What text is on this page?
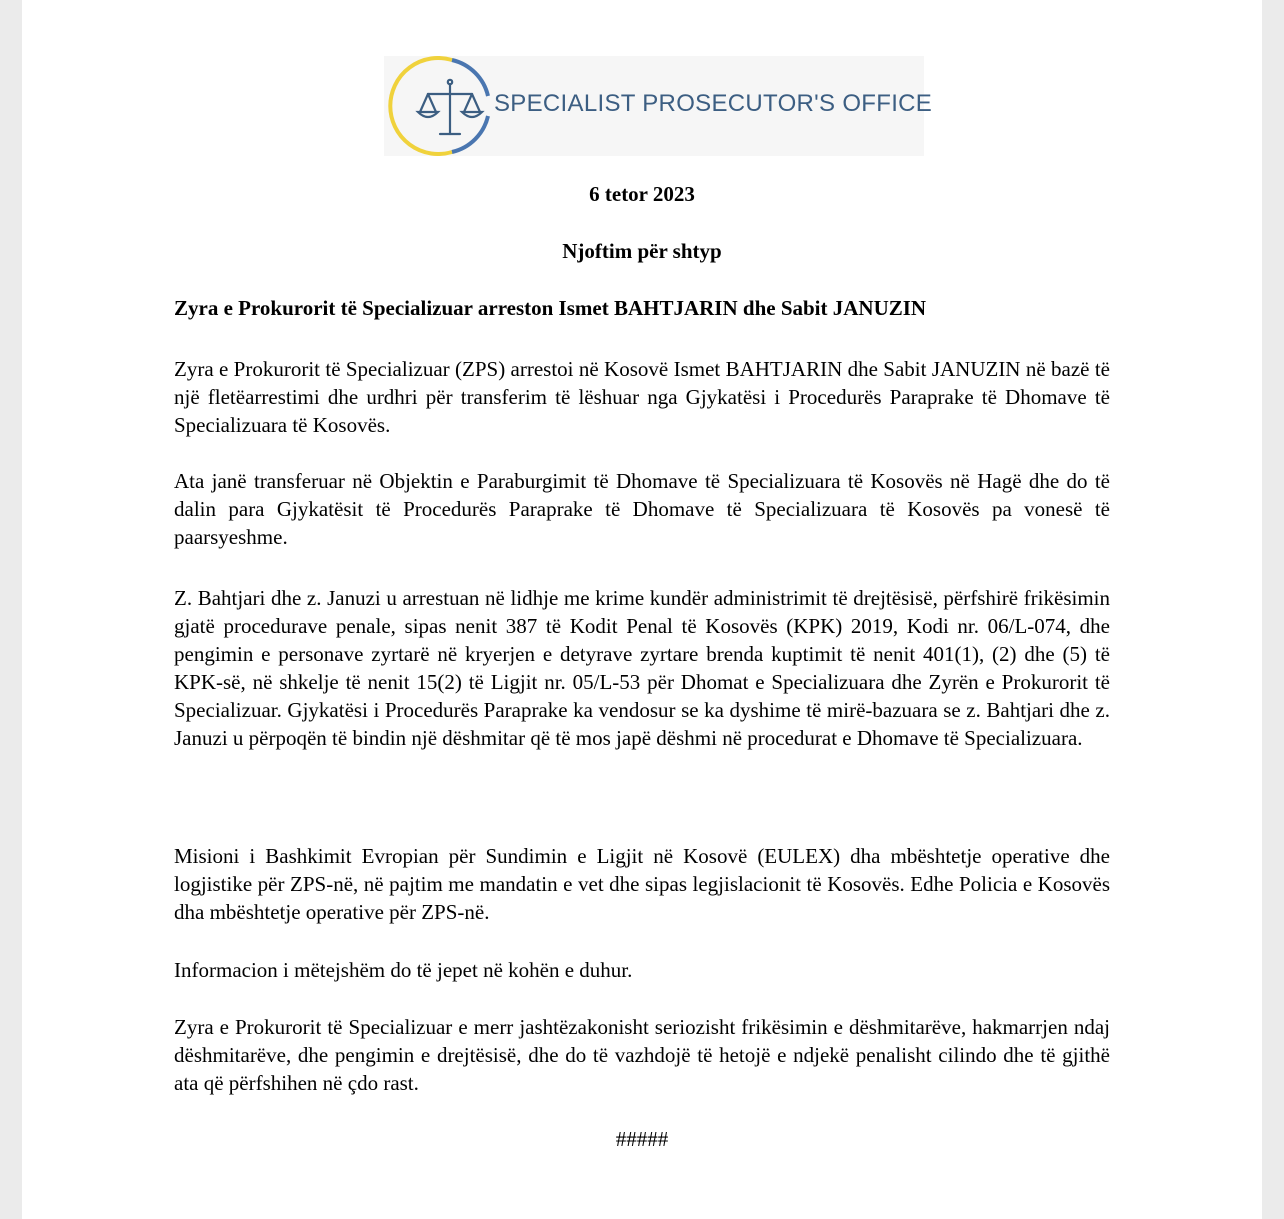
SPECIALIST PROSECUTOR'S OFFICE
6 tetor 2023
Njoftim për shtyp
Zyra e Prokurorit të Specializuar arreston Ismet BAHTJARIN dhe Sabit JANUZIN

Zyra e Prokurorit të Specializuar (ZPS) arrestoi në Kosovë Ismet BAHTJARIN dhe Sabit JANUZIN në bazë të një fletëarrestimi dhe urdhri për transferim të lëshuar nga Gjykatësi i Procedurës Paraprake të Dhomave të Specializuara të Kosovës.

Ata janë transferuar në Objektin e Paraburgimit të Dhomave të Specializuara të Kosovës në Hagë dhe do të dalin para Gjykatësit të Procedurës Paraprake të Dhomave të Specializuara të Kosovës pa vonesë të paarsyeshme.

Z. Bahtjari dhe z. Januzi u arrestuan në lidhje me krime kundër administrimit të drejtësisë, përfshirë frikësimin gjatë procedurave penale, sipas nenit 387 të Kodit Penal të Kosovës (KPK) 2019, Kodi nr. 06/L-074, dhe pengimin e personave zyrtarë në kryerjen e detyrave zyrtare brenda kuptimit të nenit 401(1), (2) dhe (5) të KPK-së, në shkelje të nenit 15(2) të Ligjit nr. 05/L-53 për Dhomat e Specializuara dhe Zyrën e Prokurorit të Specializuar. Gjykatësi i Procedurës Paraprake ka vendosur se ka dyshime të mirë-bazuara se z. Bahtjari dhe z. Januzi u përpoqën të bindin një dëshmitar që të mos japë dëshmi në procedurat e Dhomave të Specializuara.

Misioni i Bashkimit Evropian për Sundimin e Ligjit në Kosovë (EULEX) dha mbështetje operative dhe logjistike për ZPS-në, në pajtim me mandatin e vet dhe sipas legjislacionit të Kosovës. Edhe Policia e Kosovës dha mbështetje operative për ZPS-në.

Informacion i mëtejshëm do të jepet në kohën e duhur.

Zyra e Prokurorit të Specializuar e merr jashtëzakonisht seriozisht frikësimin e dëshmitarëve, hakmarrjen ndaj dëshmitarëve, dhe pengimin e drejtësisë, dhe do të vazhdojë të hetojë e ndjekë penalisht cilindo dhe të gjithë ata që përfshihen në çdo rast.

#####
